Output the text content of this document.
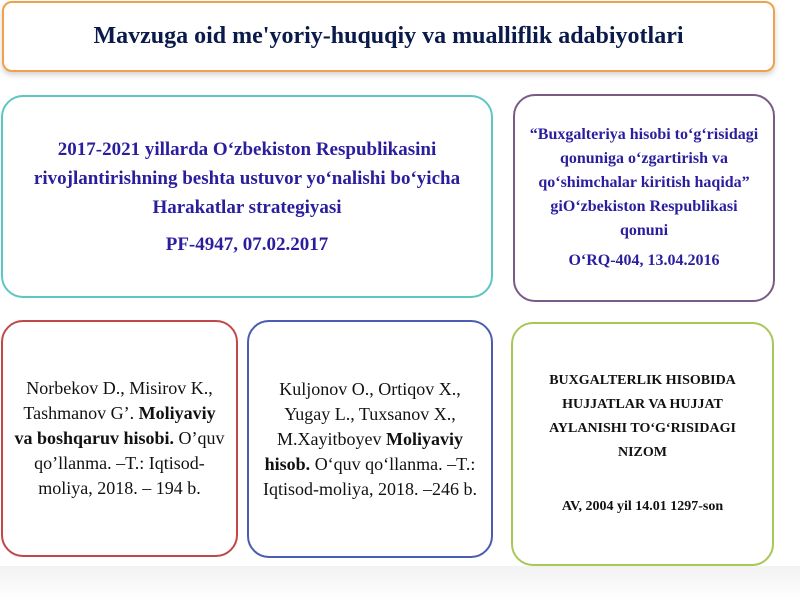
Mavzuga oid me'yoriy-huquqiy va mualliflik adabiyotlari
2017-2021 yillarda O‘zbekiston Respublikasini rivojlantirishning beshta ustuvor yo‘nalishi bo‘yicha Harakatlar strategiyasi
PF-4947, 07.02.2017
“Buxgalteriya hisobi to‘g‘risidagi qonuniga o‘zgartirish va qo‘shimchalar kiritish haqida” giO‘zbekiston Respublikasi qonuni
O‘RQ-404, 13.04.2016
Norbekov D., Misirov K., Tashmanov G’. Moliyaviy va boshqaruv hisobi. O’quv qo’llanma. –T.: Iqtisod-moliya, 2018. – 194 b.
Kuljonov O., Ortiqov X., Yugay L., Tuxsanov X., M.Xayitboyev Moliyaviy hisob. O‘quv qo‘llanma. –T.: Iqtisod-moliya, 2018. –246 b.
BUXGALTERLIK HISOBIDA HUJJATLAR VA HUJJAT AYLANISHI TO‘G‘RISIDAGI NIZOM
AV, 2004 yil 14.01 1297-son
